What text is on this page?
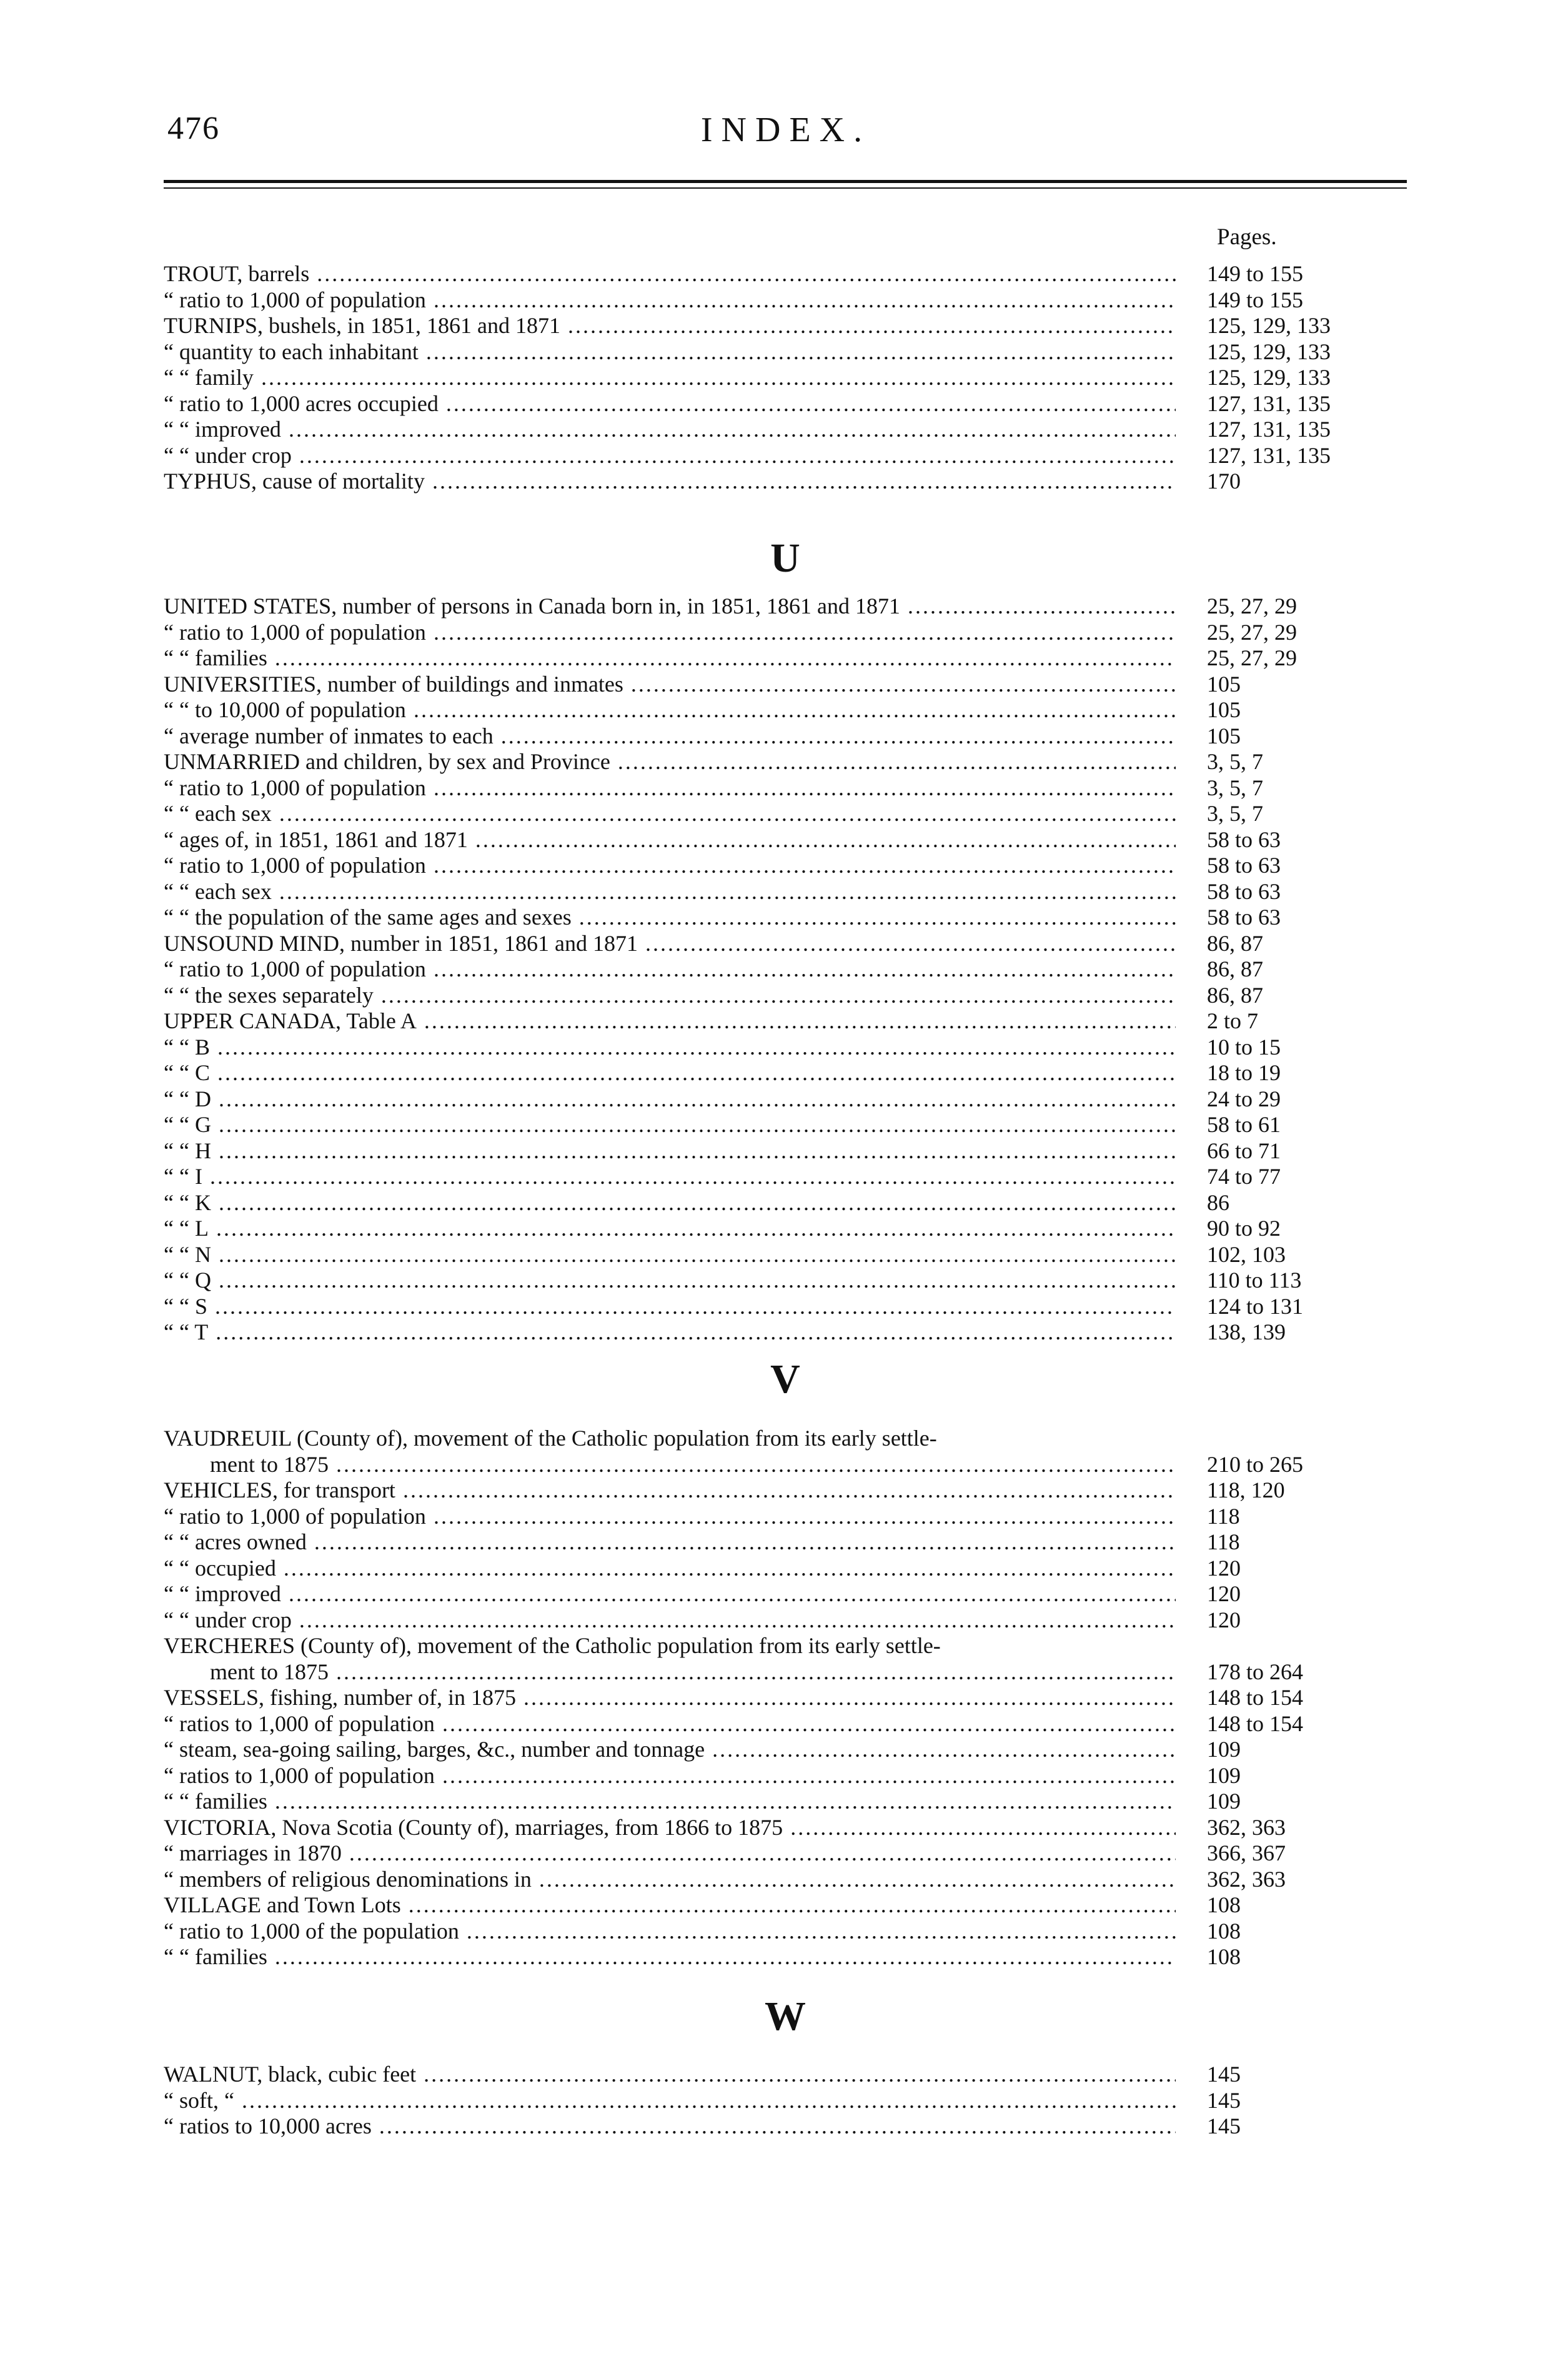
476	INDEX.
Pages.
TROUT, barrels .....	149 to 155
“ ratio to 1,000 of population .....	149 to 155
TURNIPS, bushels, in 1851, 1861 and 1871 .....	125, 129, 133
“ quantity to each inhabitant .....	125, 129, 133
“ “ family .....	125, 129, 133
“ ratio to 1,000 acres occupied .....	127, 131, 135
“ “ improved .....	127, 131, 135
“ “ under crop .....	127, 131, 135
TYPHUS, cause of mortality .....	170
U
UNITED STATES, number of persons in Canada born in, in 1851, 1861 and 1871 .....	25, 27, 29
“ ratio to 1,000 of population .....	25, 27, 29
“ “ families .....	25, 27, 29
UNIVERSITIES, number of buildings and inmates .....	105
“ “ to 10,000 of population .....	105
“ average number of inmates to each .....	105
UNMARRIED and children, by sex and Province .....	3, 5, 7
“ ratio to 1,000 of population .....	3, 5, 7
“ “ each sex .....	3, 5, 7
“ ages of, in 1851, 1861 and 1871 .....	58 to 63
“ ratio to 1,000 of population .....	58 to 63
“ “ each sex .....	58 to 63
“ “ the population of the same ages and sexes .....	58 to 63
UNSOUND MIND, number in 1851, 1861 and 1871 .....	86, 87
“ ratio to 1,000 of population .....	86, 87
“ “ the sexes separately .....	86, 87
UPPER CANADA, Table A .....	2 to 7
“ “ B .....	10 to 15
“ “ C .....	18 to 19
“ “ D .....	24 to 29
“ “ G .....	58 to 61
“ “ H .....	66 to 71
“ “ I .....	74 to 77
“ “ K .....	86
“ “ L .....	90 to 92
“ “ N .....	102, 103
“ “ Q .....	110 to 113
“ “ S .....	124 to 131
“ “ T .....	138, 139
V
VAUDREUIL (County of), movement of the Catholic population from its early settle-
ment to 1875 .....	210 to 265
VEHICLES, for transport .....	118, 120
“ ratio to 1,000 of population .....	118
“ “ acres owned .....	118
“ “ occupied .....	120
“ “ improved .....	120
“ “ under crop .....	120
VERCHERES (County of), movement of the Catholic population from its early settle-
ment to 1875 .....	178 to 264
VESSELS, fishing, number of, in 1875 .....	148 to 154
“ ratios to 1,000 of population .....	148 to 154
“ steam, sea-going sailing, barges, &c., number and tonnage .....	109
“ ratios to 1,000 of population .....	109
“ “ families .....	109
VICTORIA, Nova Scotia (County of), marriages, from 1866 to 1875 .....	362, 363
“ marriages in 1870 .....	366, 367
“ members of religious denominations in .....	362, 363
VILLAGE and Town Lots .....	108
“ ratio to 1,000 of the population .....	108
“ “ families .....	108
W
WALNUT, black, cubic feet .....	145
“ soft, “ .....	145
“ ratios to 10,000 acres .....	145
